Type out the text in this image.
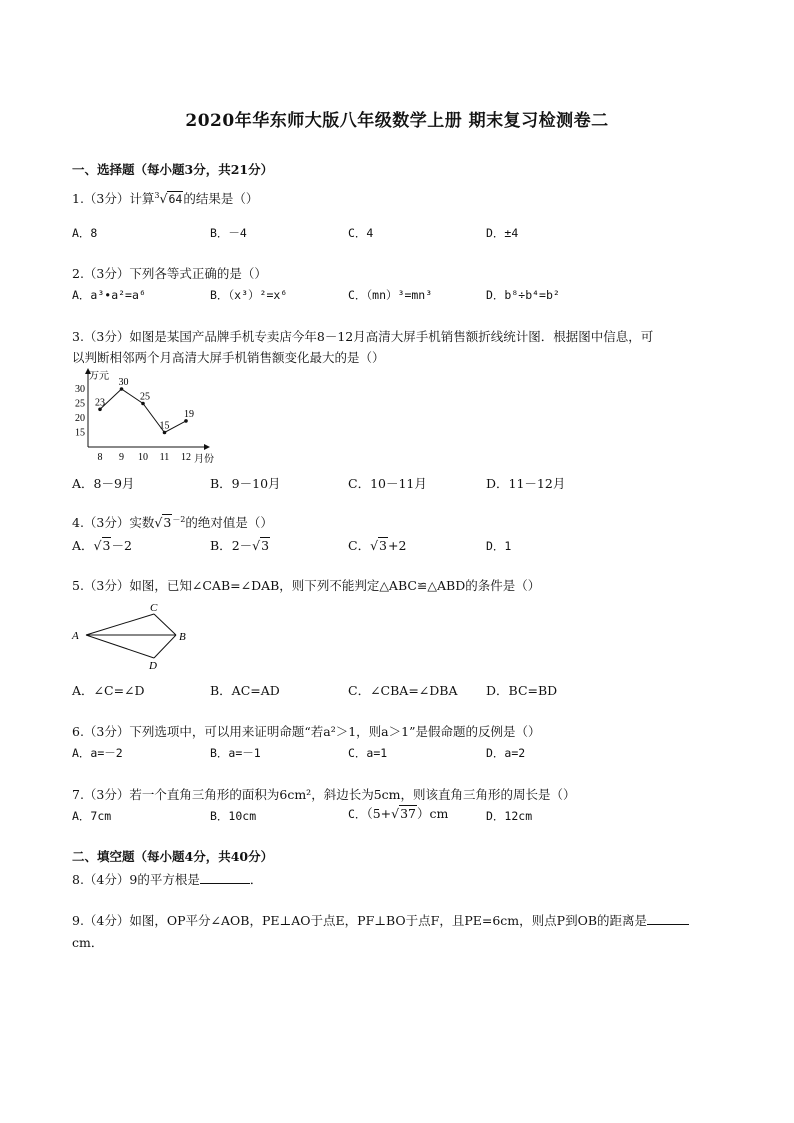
2020年华东师大版八年级数学上册 期末复习检测卷二
一、选择题（每小题3分，共21分）
1.（3分）计算$^3$√64的结果是（）
A．8	B．－4	C．4	D．±4
2.（3分）下列各等式正确的是（）
A．a³•a²=a⁶	B．（x³）²=x⁶	C．（mn）³=mn³	D．b⁸÷b⁴=b²
3.（3分）如图是某国产品牌手机专卖店今年8－12月高清大屏手机销售额折线统计图．根据图中信息，可
以判断相邻两个月高清大屏手机销售额变化最大的是（）
15
20
25
30
8 9 10 11 12
万元
月份
23
30
25
15
19
A．8－9月	B．9－10月	C．10－11月	D．11－12月
4.（3分）实数$√3^{-2}$的绝对值是（）
A．√3－2	B．2－√3	C．√3+2	D．1
5.（3分）如图，已知∠CAB=∠DAB，则下列不能判定△ABC≌△ABD的条件是（）
A
C
B
D
A．∠C=∠D	B．AC=AD	C．∠CBA=∠DBA D．BC=BD
6.（3分）下列选项中，可以用来证明命题“若a²＞1，则a＞1”是假命题的反例是（）
A．a=－2	B．a=－1	C．a=1	D．a=2
7.（3分）若一个直角三角形的面积为6cm²，斜边长为5cm，则该直角三角形的周长是（）
A．7cm	B．10cm	C．（5+√37）cm	D．12cm
二、填空题（每小题4分，共40分）
8.（4分）9的平方根是	．
9.（4分）如图，OP平分∠AOB，PE⊥AO于点E，PF⊥BO于点F，且PE=6cm，则点P到OB的距离是
cm．
